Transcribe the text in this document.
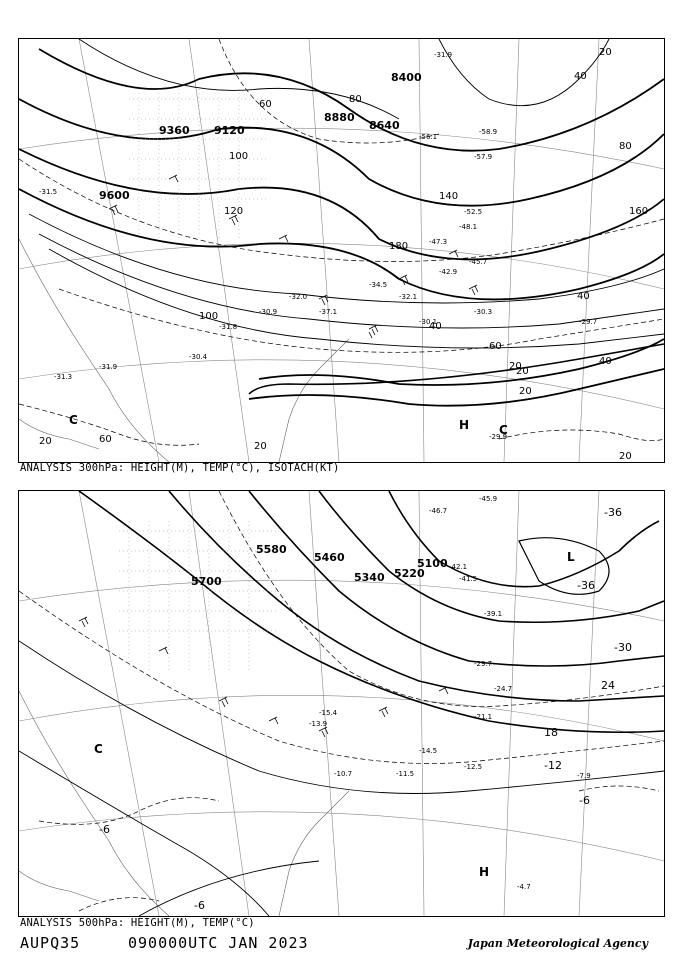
9360 9120
8880
8640
8400
9600
20
40
60	80
100
120
140
160
180
40
60
20
40
20
20
20
20	60
80
100
40
20
-31.9
-58.9
-56.1
-57.9
-52.5
-48.1
-47.3
-45.7
-42.9
-34.5
-32.1
-30.1
-30.3
-29.7
-31.3
-31.5
-31.8
-30.4
-31.9
-29.9
-32.0
-30.9	-37.1
H C
C
ANALYSIS 300hPa: HEIGHT(M), TEMP(°C), ISOTACH(KT)
5700
5580
5460
5340 5220
5100
-36
-36
-30
24
18
-12
-6
-6
-6
-45.9
-46.7
-39.1
-41.5
-42.1
-29.7
-24.7
-21.1
-14.5
-12.5
-11.5
-10.7	-7.9
-4.7
-13.9
-15.4
L
H
C
ANALYSIS 500hPa: HEIGHT(M), TEMP(°C)
AUPQ35	090000UTC JAN 2023	Japan Meteorological Agency
